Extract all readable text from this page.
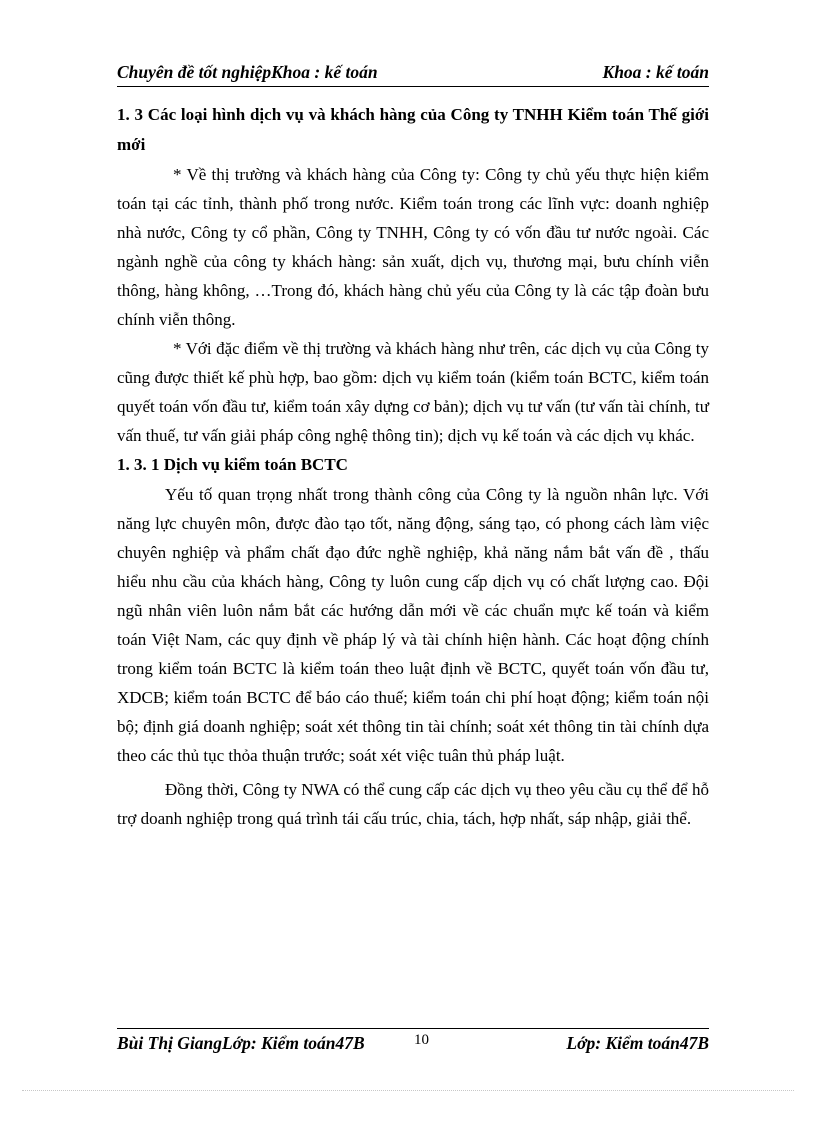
Chuyên đề tốt nghiệpKhoa : kế toán	Khoa : kế toán

1. 3 Các loại hình dịch vụ và khách hàng của Công ty TNHH Kiểm toán Thế giới mới

* Về thị trường và khách hàng của Công ty: Công ty chủ yếu thực hiện kiểm toán tại các tỉnh, thành phố trong nước. Kiểm toán trong các lĩnh vực: doanh nghiệp nhà nước, Công ty cổ phần, Công ty TNHH, Công ty có vốn đầu tư nước ngoài. Các ngành nghề của công ty khách hàng: sản xuất, dịch vụ, thương mại, bưu chính viễn thông, hàng không, …Trong đó, khách hàng chủ yếu của Công ty là các tập đoàn bưu chính viễn thông.

* Với đặc điểm về thị trường và khách hàng như trên, các dịch vụ của Công ty cũng được thiết kế phù hợp, bao gồm: dịch vụ kiểm toán (kiểm toán BCTC, kiểm toán quyết toán vốn đầu tư, kiểm toán xây dựng cơ bản); dịch vụ tư vấn (tư vấn tài chính, tư vấn thuế, tư vấn giải pháp công nghệ thông tin); dịch vụ kế toán và các dịch vụ khác.

1. 3. 1 Dịch vụ kiểm toán BCTC

Yếu tố quan trọng nhất trong thành công của Công ty là nguồn nhân lực. Với năng lực chuyên môn, được đào tạo tốt, năng động, sáng tạo, có phong cách làm việc chuyên nghiệp và phẩm chất đạo đức nghề nghiệp, khả năng nắm bắt vấn đề , thấu hiểu nhu cầu của khách hàng, Công ty luôn cung cấp dịch vụ có chất lượng cao. Đội ngũ nhân viên luôn nắm bắt các hướng dẫn mới về các chuẩn mực kế toán và kiểm toán Việt Nam, các quy định về pháp lý và tài chính hiện hành. Các hoạt động chính trong kiểm toán BCTC là kiểm toán theo luật định về BCTC, quyết toán vốn đầu tư, XDCB; kiểm toán BCTC để báo cáo thuế; kiểm toán chi phí hoạt động; kiểm toán nội bộ; định giá doanh nghiệp; soát xét thông tin tài chính; soát xét thông tin tài chính dựa theo các thủ tục thỏa thuận trước; soát xét việc tuân thủ pháp luật.

Đồng thời, Công ty NWA có thể cung cấp các dịch vụ theo yêu cầu cụ thể để hỗ trợ doanh nghiệp trong quá trình tái cấu trúc, chia, tách, hợp nhất, sáp nhập, giải thể.

Bùi Thị GiangLớp: Kiểm toán47B	10	Lớp: Kiểm toán47B
